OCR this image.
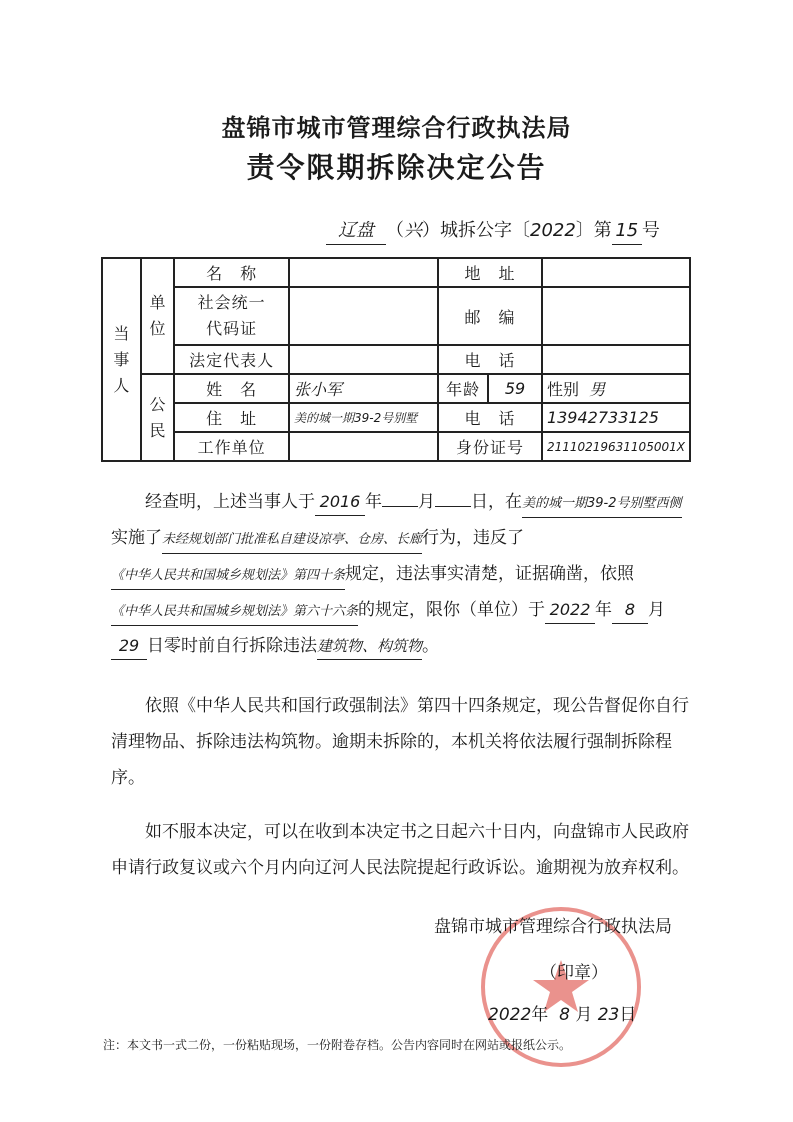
盘锦市城市管理综合行政执法局
责令限期拆除决定公告
辽盘 （兴）城拆公字〔2022〕第 15 号
当事人	单位	名　称		地　址		

		社会统一代码证		邮　编		
		法定代表人		电　话		

	公民	姓　名	张小军	年龄	59	性别 男
		住　址	美的城一期39-2号别墅	电　话		13942733125
		工作单位		身份证号		21110219631105001X

经查明，上述当事人于 2016 年 月 日，在美的城一期39-2号别墅西侧实施了未经规划部门批准私自建设凉亭、仓房、长廊行为，违反了《中华人民共和国城乡规划法》第四十条规定，违法事实清楚，证据确凿，依照《中华人民共和国城乡规划法》第六十六条的规定，限你（单位）于 2022 年 8 月29 日零时前自行拆除违法建筑物、构筑物。

依照《中华人民共和国行政强制法》第四十四条规定，现公告督促你自行清理物品、拆除违法构筑物。逾期未拆除的，本机关将依法履行强制拆除程序。

如不服本决定，可以在收到本决定书之日起六十日内，向盘锦市人民政府申请行政复议或六个月内向辽河人民法院提起行政诉讼。逾期视为放弃权利。

盘锦市城市管理综合行政执法局
（印章）
2022年 8 月 23日
注：本文书一式二份，一份粘贴现场，一份附卷存档。公告内容同时在网站或报纸公示。
